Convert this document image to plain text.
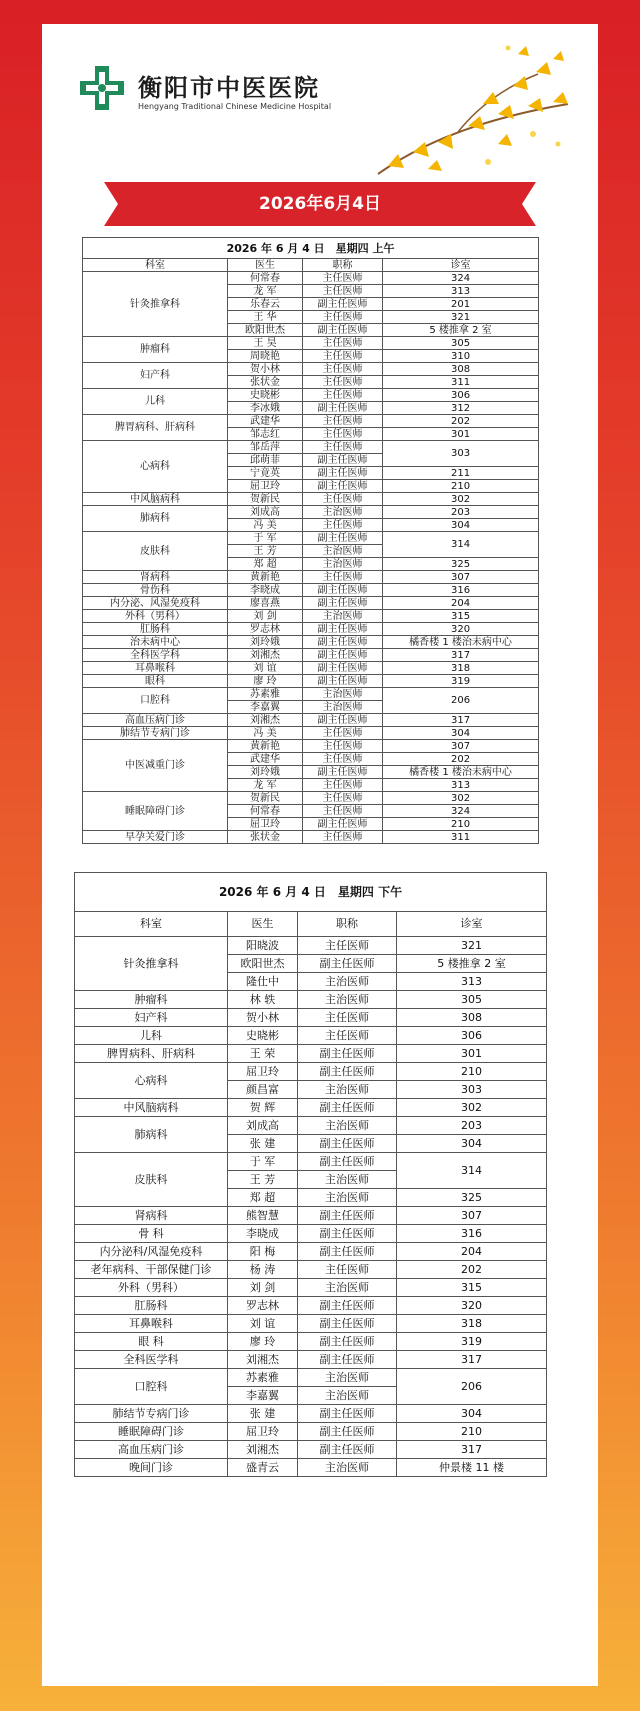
衡阳市中医医院
Hengyang Traditional Chinese Medicine Hospital
2026年6月4日
2026 年 6 月 4 日　星期四 上午			
科室	医生	职称	诊室
针灸推拿科	何常春	主任医师	324
	龙 军	主任医师	313
	乐春云	副主任医师	201
	王 华	主任医师	321
	欧阳世杰	副主任医师	5 楼推拿 2 室
肿瘤科	王 昊	主任医师	305
	周晓艳	主任医师	310
妇产科	贺小林	主任医师	308
	张状金	主任医师	311
儿科	史晓彬	主任医师	306
	李冰娥	副主任医师	312
脾胃病科、肝病科	武建华	主任医师	202
	邹志红	主任医师	301
心病科	邹岳萍	主任医师	303
	邱萌菲	副主任医师	
	宁竟英	副主任医师	211
	屈卫玲	副主任医师	210
中风脑病科	贺新民	主任医师	302
肺病科	刘成高	主治医师	203
	冯 美	主任医师	304
皮肤科	于 军	副主任医师	314
	王 芳	主治医师	
	郑 超	主治医师	325
肾病科	黄新艳	主任医师	307
骨伤科	李晓成	副主任医师	316
内分泌、风湿免疫科	廖喜燕	副主任医师	204
外科（男科）	刘 剑	主治医师	315
肛肠科	罗志林	副主任医师	320
治未病中心	刘玲娥	副主任医师	橘香楼 1 楼治未病中心
全科医学科	刘湘杰	副主任医师	317
耳鼻喉科	刘 谊	副主任医师	318
眼科	廖 玲	副主任医师	319
口腔科	苏素雅	主治医师	206
	李嘉翼	主治医师	
高血压病门诊	刘湘杰	副主任医师	317
肺结节专病门诊	冯 美	主任医师	304
中医减重门诊	黄新艳	主任医师	307
	武建华	主任医师	202
	刘玲娥	副主任医师	橘香楼 1 楼治未病中心
	龙 军	主任医师	313
睡眠障碍门诊	贺新民	主任医师	302
	何常春	主任医师	324
	屈卫玲	副主任医师	210
早孕关爱门诊	张状金	主任医师	311
2026 年 6 月 4 日　星期四 下午			
科室	医生	职称	诊室
针灸推拿科	阳晓波	主任医师	321
	欧阳世杰	副主任医师	5 楼推拿 2 室
	隆仕中	主治医师	313
肿瘤科	林 轶	主治医师	305
妇产科	贺小林	主任医师	308
儿科	史晓彬	主任医师	306
脾胃病科、肝病科	王 荣	副主任医师	301
心病科	屈卫玲	副主任医师	210
	颜昌富	主治医师	303
中风脑病科	贺 辉	副主任医师	302
肺病科	刘成高	主治医师	203
	张 建	副主任医师	304
皮肤科	于 军	副主任医师	314
	王 芳	主治医师	
	郑 超	主治医师	325
肾病科	熊智慧	副主任医师	307
骨 科	李晓成	副主任医师	316
内分泌科/风湿免疫科	阳 梅	副主任医师	204
老年病科、干部保健门诊	杨 涛	主任医师	202
外科（男科）	刘 剑	主治医师	315
肛肠科	罗志林	副主任医师	320
耳鼻喉科	刘 谊	副主任医师	318
眼 科	廖 玲	副主任医师	319
全科医学科	刘湘杰	副主任医师	317
口腔科	苏素雅	主治医师	206
	李嘉翼	主治医师	
肺结节专病门诊	张 建	副主任医师	304
睡眠障碍门诊	屈卫玲	副主任医师	210
高血压病门诊	刘湘杰	副主任医师	317
晚间门诊	盛青云	主治医师	仲景楼 11 楼
